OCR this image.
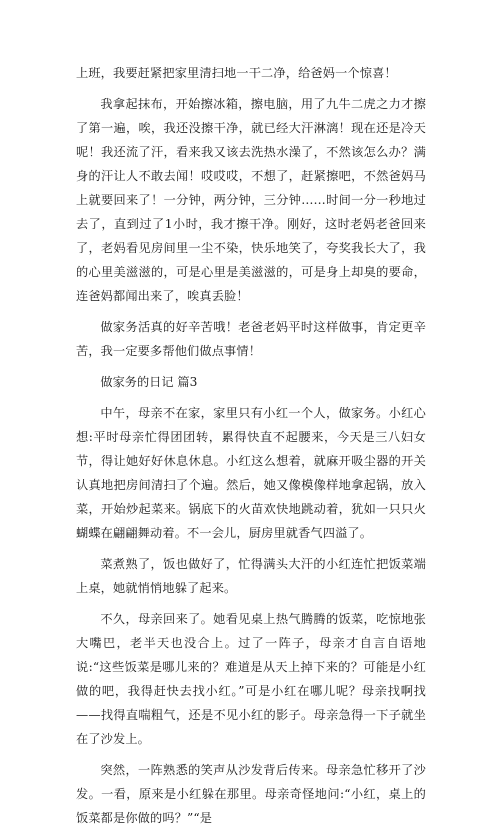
上班，我要赶紧把家里清扫地一干二净，给爸妈一个惊喜！

我拿起抹布，开始擦冰箱，擦电脑，用了九牛二虎之力才擦了第一遍，唉，我还没擦干净，就已经大汗淋漓！现在还是冷天呢！我还流了汗，看来我又该去洗热水澡了，不然该怎么办？满身的汗让人不敢去闻！哎哎哎，不想了，赶紧擦吧，不然爸妈马上就要回来了！一分钟，两分钟，三分钟……时间一分一秒地过去了，直到过了1小时，我才擦干净。刚好，这时老妈老爸回来了，老妈看见房间里一尘不染，快乐地笑了，夸奖我长大了，我的心里美滋滋的，可是心里是美滋滋的，可是身上却臭的要命，连爸妈都闻出来了，唉真丢脸！

做家务活真的好辛苦哦！老爸老妈平时这样做事，肯定更辛苦，我一定要多帮他们做点事情！

做家务的日记 篇3

中午，母亲不在家，家里只有小红一个人，做家务。小红心想:平时母亲忙得团团转，累得快直不起腰来，今天是三八妇女节，得让她好好休息休息。小红这么想着，就麻开吸尘器的开关认真地把房间清扫了个遍。然后，她又像模像样地拿起锅，放入菜，开始炒起菜来。锅底下的火苗欢快地跳动着，犹如一只只火蝴蝶在翩翩舞动着。不一会儿，厨房里就香气四溢了。

菜煮熟了，饭也做好了，忙得满头大汗的小红连忙把饭菜端上桌，她就悄悄地躲了起来。

不久，母亲回来了。她看见桌上热气腾腾的饭菜，吃惊地张大嘴巴，老半天也没合上。过了一阵子，母亲才自言自语地说:“这些饭菜是哪儿来的？难道是从天上掉下来的？可能是小红做的吧，我得赶快去找小红。”可是小红在哪儿呢？母亲找啊找——找得直喘粗气，还是不见小红的影子。母亲急得一下子就坐在了沙发上。

突然，一阵熟悉的笑声从沙发背后传来。母亲急忙移开了沙发。一看，原来是小红躲在那里。母亲奇怪地问:“小红，桌上的饭菜都是你做的吗？”“是
